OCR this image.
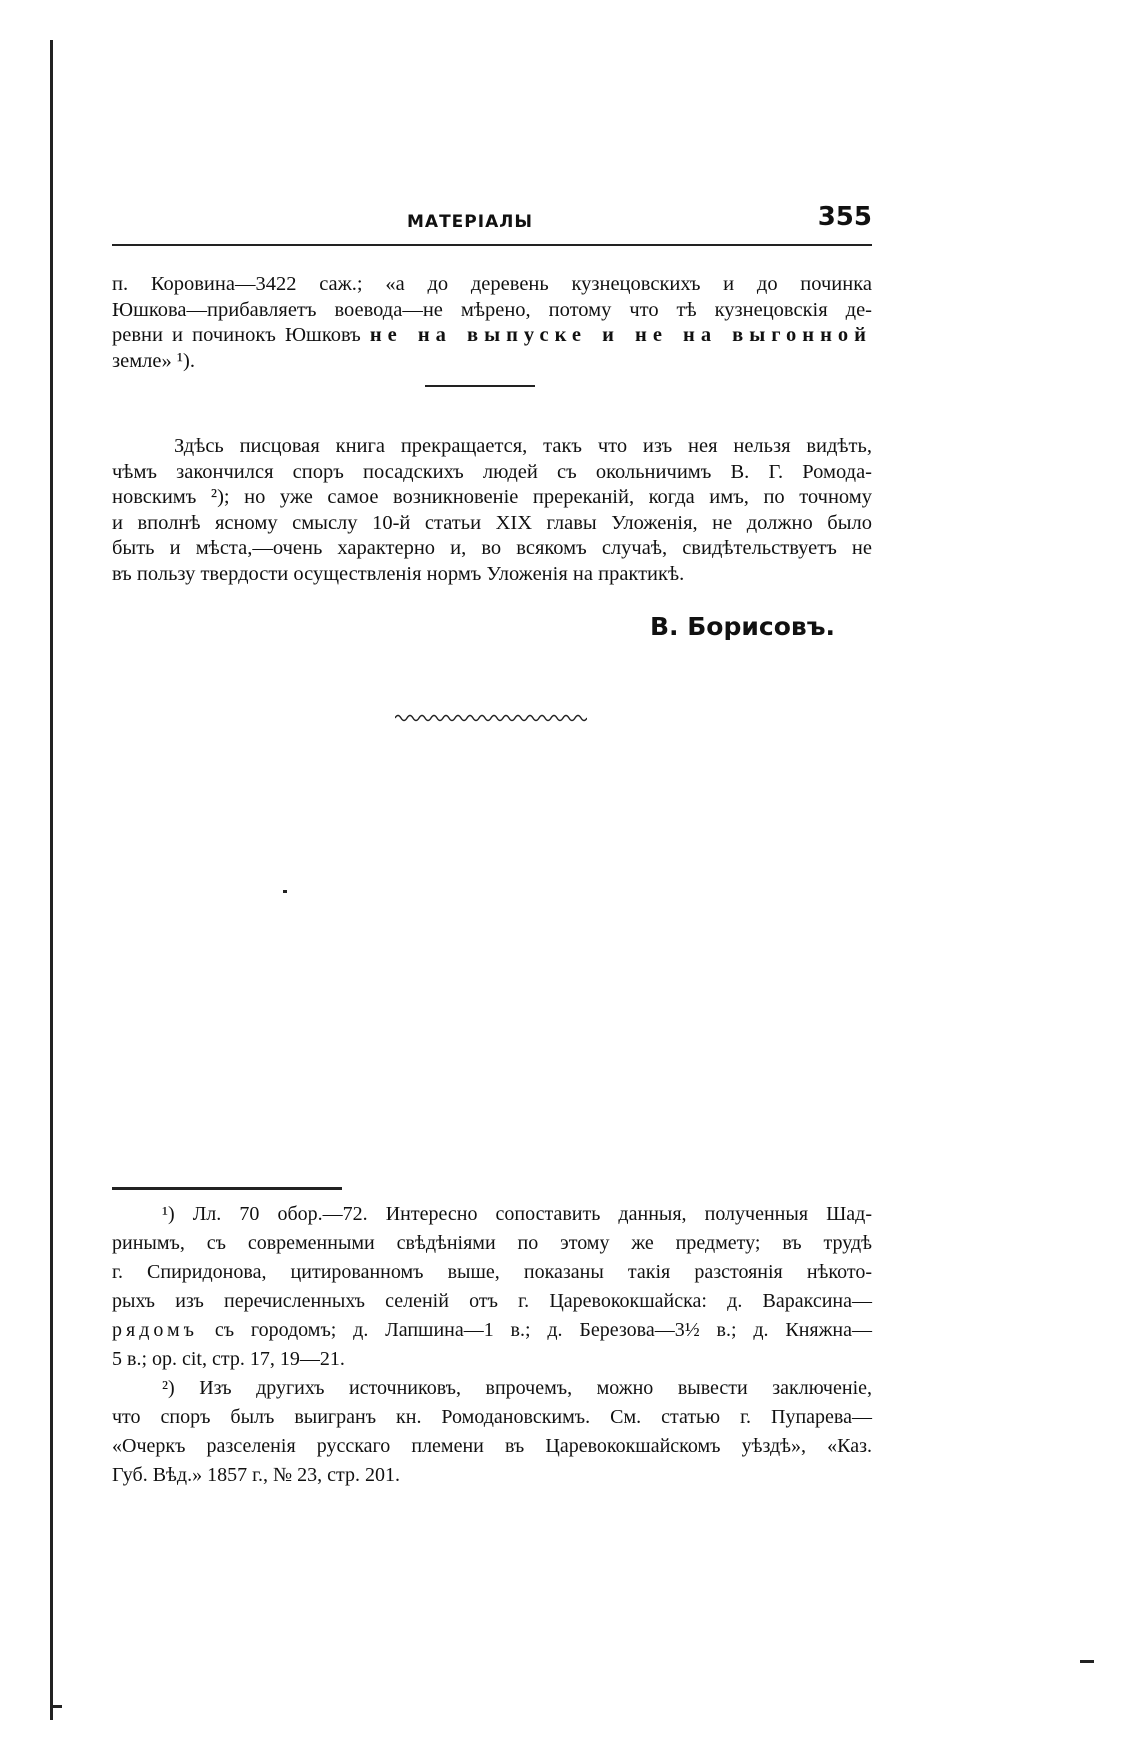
МАТЕРІАЛЫ	355
п. Коровина—3422 саж.; «а до деревень кузнецовскихъ и до починка
Юшкова—прибавляетъ воевода—не мѣрено, потому что тѣ кузнецовскія де-
ревни и починокъ Юшковъ не на выпуске и не на выгонной
земле» ¹).
Здѣсь писцовая книга прекращается, такъ что изъ нея нельзя видѣть,
чѣмъ закончился споръ посадскихъ людей съ окольничимъ В. Г. Ромода-
новскимъ ²); но уже самое возникновеніе пререканій, когда имъ, по точному
и вполнѣ ясному смыслу 10-й статьи XIX главы Уложенія, не должно было
быть и мѣста,—очень характерно и, во всякомъ случаѣ, свидѣтельствуетъ не
въ пользу твердости осуществленія нормъ Уложенія на практикѣ.
В. Борисовъ.
¹) Лл. 70 обор.—72. Интересно сопоставить данныя, полученныя Шад-
ринымъ, съ современными свѣдѣніями по этому же предмету; въ трудѣ
г. Спиридонова, цитированномъ выше, показаны такія разстоянія нѣкото-
рыхъ изъ перечисленныхъ селеній отъ г. Царевококшайска: д. Вараксина—
рядомъ съ городомъ; д. Лапшина—1 в.; д. Березова—3½ в.; д. Княжна—
5 в.; op. cit, стр. 17, 19—21.
²) Изъ другихъ источниковъ, впрочемъ, можно вывести заключеніе,
что споръ былъ выигранъ кн. Ромодановскимъ. См. статью г. Пупарева—
«Очеркъ разселенія русскаго племени въ Царевококшайскомъ уѣздѣ», «Каз.
Губ. Вѣд.» 1857 г., № 23, стр. 201.
